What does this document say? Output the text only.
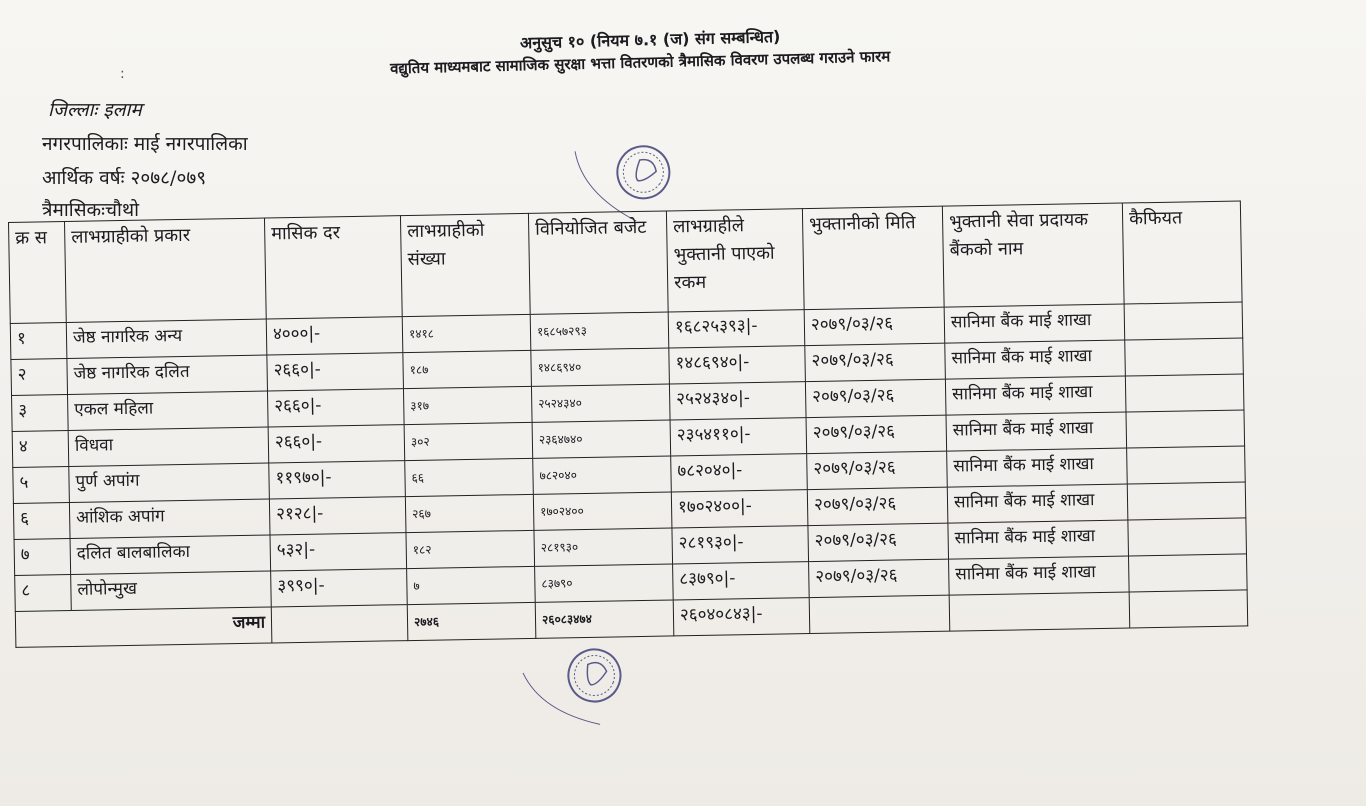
अनुसुच १० (नियम ७.१ (ज) संग सम्बन्धित)
वद्युतिय माध्यमबाट सामाजिक सुरक्षा भत्ता वितरणको त्रैमासिक विवरण उपलब्ध गराउने फारम
:
जिल्लाः इलाम
नगरपालिकाः माई नगरपालिका
आर्थिक वर्षः २०७८/०७९
त्रैमासिकःचौथो
क्र स	लाभग्राहीको प्रकार	मासिक दर	लाभग्राहीको संख्या	विनियोजित बजेट	लाभग्राहीले भुक्तानी पाएको रकम	भुक्तानीको मिति	भुक्तानी सेवा प्रदायक बैंकको नाम	कैफियत
१	जेष्ठ नागरिक अन्य	४०००|-	१४१८	१६८५७२९३	१६८२५३९३|-	२०७९/०३/२६	सानिमा बैंक माई शाखा	
२	जेष्ठ नागरिक दलित	२६६०|-	१८७	१४८६९४०	१४८६९४०|-	२०७९/०३/२६	सानिमा बैंक माई शाखा	
३	एकल महिला	२६६०|-	३१७	२५२४३४०	२५२४३४०|-	२०७९/०३/२६	सानिमा बैंक माई शाखा	
४	विधवा	२६६०|-	३०२	२३६४७४०	२३५४११०|-	२०७९/०३/२६	सानिमा बैंक माई शाखा	
५	पुर्ण अपांग	११९७०|-	६६	७८२०४०	७८२०४०|-	२०७९/०३/२६	सानिमा बैंक माई शाखा	
६	आंशिक अपांग	२१२८|-	२६७	१७०२४००	१७०२४००|-	२०७९/०३/२६	सानिमा बैंक माई शाखा	
७	दलित बालबालिका	५३२|-	१८२	२८१९३०	२८१९३०|-	२०७९/०३/२६	सानिमा बैंक माई शाखा	
८	लोपोन्मुख	३९९०|-	७	८३७९०	८३७९०|-	२०७९/०३/२६	सानिमा बैंक माई शाखा	
जम्मा			२७४६	२६०८३४७४	२६०४०८४३|-			
